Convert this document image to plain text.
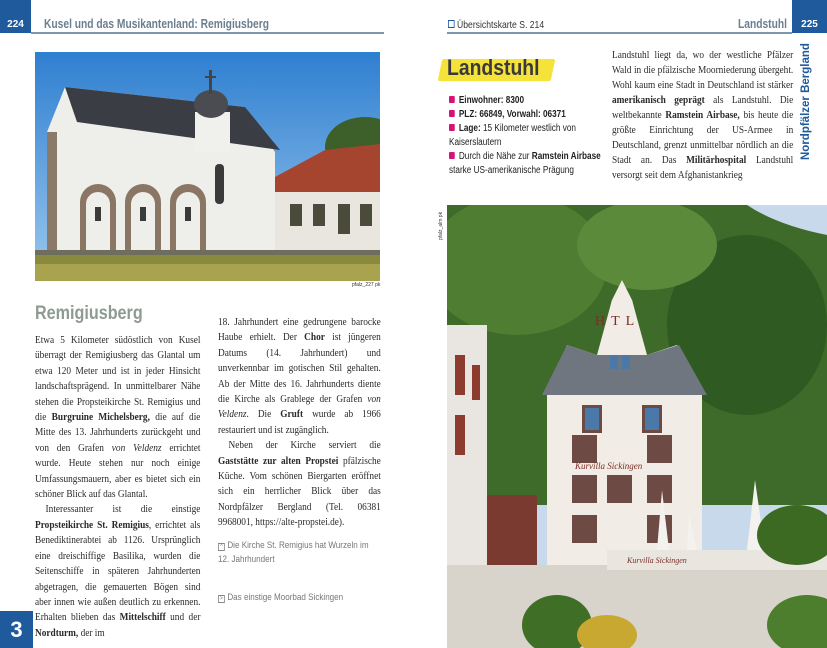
224	Kusel und das Musikantenland: Remigiusberg
pfalz_227 pk
Remigiusberg

Etwa 5 Kilometer südöstlich von Kusel überragt der Remigiusberg das Glantal um etwa 120 Meter und ist in jeder Hinsicht landschaftsprägend. In unmittelbarer Nähe stehen die Propsteikirche St. Remigius und die Burgruine Michelsberg, die auf die Mitte des 13. Jahrhunderts zurückgeht und von den Grafen von Veldenz errichtet wurde. Heute stehen nur noch einige Umfassungsmauern, aber es bietet sich ein schöner Blick auf das Glantal.

Interessanter ist die einstige Propsteikirche St. Remigius, errichtet als Benediktinerabtei ab 1126. Ursprünglich eine dreischiffige Basilika, wurden die Seitenschiffe in späteren Jahrhunderten abgetragen, die gemauerten Bögen sind aber innen wie außen deutlich zu erkennen. Erhalten blieben das Mittelschiff und der Nordturm, der im

18. Jahrhundert eine gedrungene barocke Haube erhielt. Der Chor ist jüngeren Datums (14. Jahrhundert) und unverkennbar im gotischen Stil gehalten. Ab der Mitte des 16. Jahrhunderts diente die Kirche als Grablege der Grafen von Veldenz. Die Gruft wurde ab 1966 restauriert und ist zugänglich.

Neben der Kirche serviert die Gaststätte zur alten Propstei pfälzische Küche. Vom schönen Biergarten eröffnet sich ein herrlicher Blick über das Nordpfälzer Bergland (Tel. 06381 9968001, https://alte-propstei.de).

^ Die Kirche St. Remigius hat Wurzeln im 12. Jahrhundert
> Das einstige Moorbad Sickingen
3
Übersichtskarte S. 214	Landstuhl	225
Nordpfälzer Bergland
Landstuhl
Einwohner: 8300
PLZ: 66849, Vorwahl: 06371
Lage: 15 Kilometer westlich von Kaiserslautern
Durch die Nähe zur Ramstein Airbase starke US-amerikanische Prägung

Landstuhl liegt da, wo der westliche Pfälzer Wald in die pfälzische Moorniederung übergeht. Wohl kaum eine Stadt in Deutschland ist stärker amerikanisch geprägt als Landstuhl. Die weltbekannte Ramstein Airbase, bis heute die größte Einrichtung der US-Armee in Deutschland, grenzt unmittelbar nördlich an die Stadt an. Das Militärhospital Landstuhl versorgt seit dem Afghanistankrieg

pfalz_alm pk
HTL
Kurvilla Sickingen
Kurvilla Sickingen
